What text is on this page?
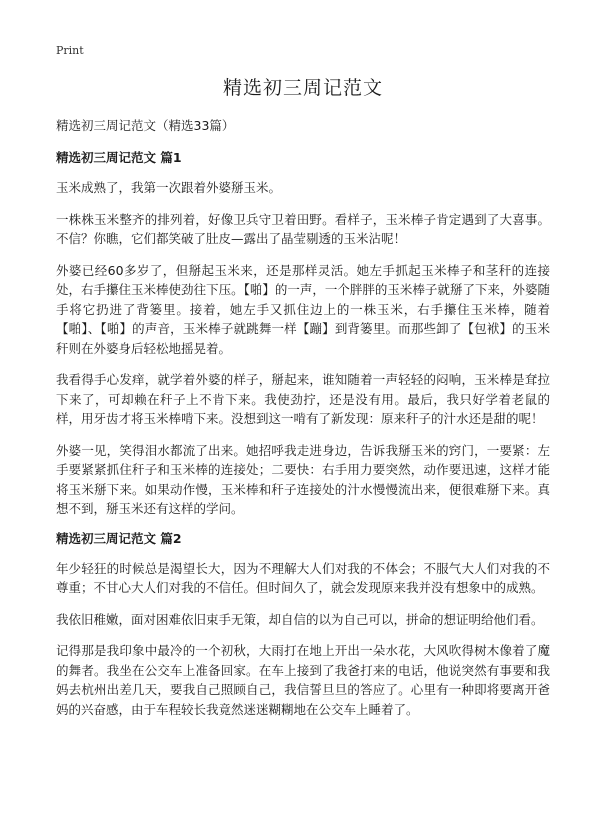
Print
精选初三周记范文
精选初三周记范文（精选33篇）
精选初三周记范文 篇1

玉米成熟了，我第一次跟着外婆掰玉米。

一株株玉米整齐的排列着，好像卫兵守卫着田野。看样子，玉米棒子肯定遇到了大喜事。不信？你瞧，它们都笑破了肚皮—露出了晶莹剔透的玉米沾呢！

外婆已经60多岁了，但掰起玉米来，还是那样灵活。她左手抓起玉米棒子和茎秆的连接处，右手攥住玉米棒使劲往下压。【啪】的一声，一个胖胖的玉米棒子就掰了下来，外婆随手将它扔进了背篓里。接着，她左手又抓住边上的一株玉米，右手攥住玉米棒，随着【啪】、【啪】的声音，玉米棒子就跳舞一样【蹦】到背篓里。而那些卸了【包袱】的玉米秆则在外婆身后轻松地摇晃着。

我看得手心发痒，就学着外婆的样子，掰起来，谁知随着一声轻轻的闷响，玉米棒是耷拉下来了，可却赖在秆子上不肯下来。我使劲拧，还是没有用。最后，我只好学着老鼠的样，用牙齿才将玉米棒啃下来。没想到这一啃有了新发现：原来秆子的汁水还是甜的呢！

外婆一见，笑得泪水都流了出来。她招呼我走进身边，告诉我掰玉米的窍门，一要紧：左手要紧紧抓住秆子和玉米棒的连接处；二要快：右手用力要突然，动作要迅速，这样才能将玉米掰下来。如果动作慢，玉米棒和秆子连接处的汁水慢慢流出来，便很难掰下来。真想不到，掰玉米还有这样的学问。

精选初三周记范文 篇2

年少轻狂的时候总是渴望长大，因为不理解大人们对我的不体会；不服气大人们对我的不尊重；不甘心大人们对我的不信任。但时间久了，就会发现原来我并没有想象中的成熟。

我依旧稚嫩，面对困难依旧束手无策，却自信的以为自己可以，拼命的想证明给他们看。

记得那是我印象中最冷的一个初秋，大雨打在地上开出一朵水花，大风吹得树木像着了魔的舞者。我坐在公交车上准备回家。在车上接到了我爸打来的电话，他说突然有事要和我妈去杭州出差几天，要我自己照顾自己，我信誓旦旦的答应了。心里有一种即将要离开爸妈的兴奋感，由于车程较长我竟然迷迷糊糊地在公交车上睡着了。
